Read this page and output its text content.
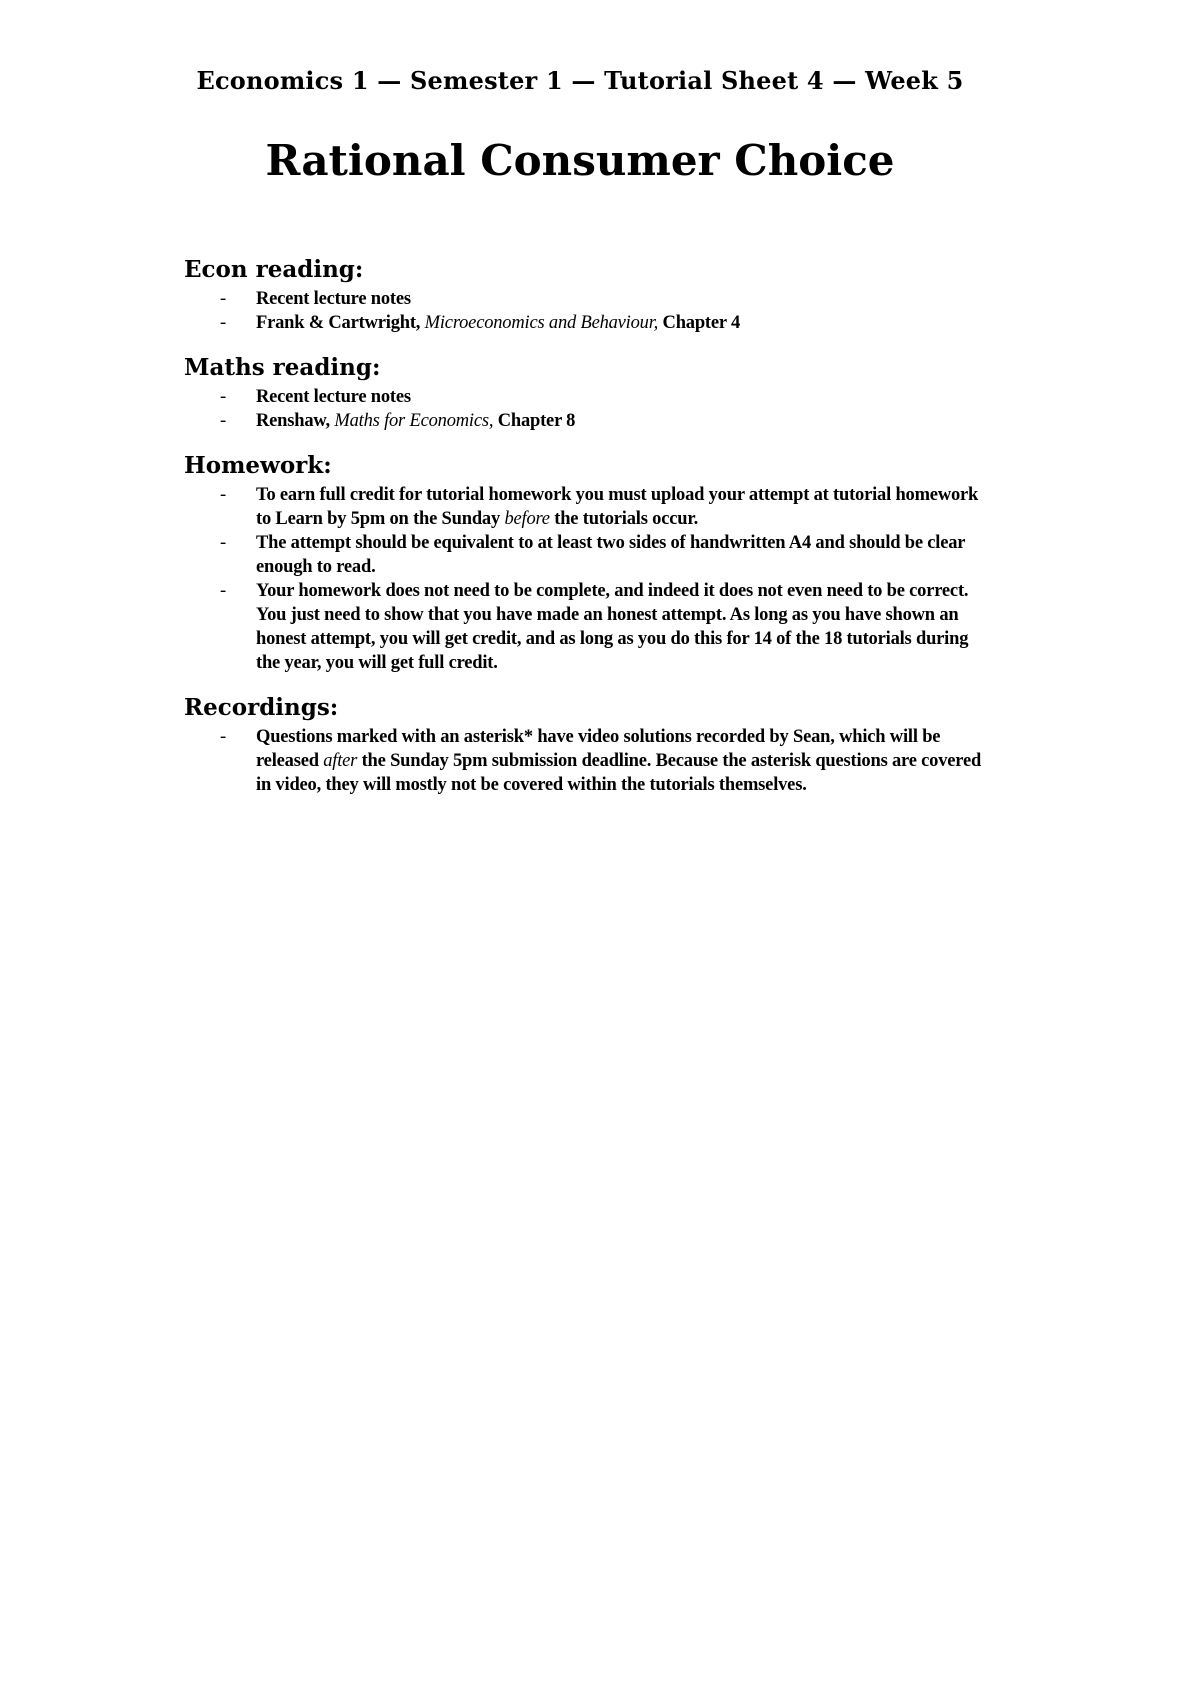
Economics 1 — Semester 1 — Tutorial Sheet 4 — Week 5
Rational Consumer Choice
Econ reading:
- Recent lecture notes
- Frank & Cartwright, Microeconomics and Behaviour, Chapter 4
Maths reading:
- Recent lecture notes
- Renshaw, Maths for Economics, Chapter 8
Homework:
- To earn full credit for tutorial homework you must upload your attempt at tutorial homework to Learn by 5pm on the Sunday before the tutorials occur.
- The attempt should be equivalent to at least two sides of handwritten A4 and should be clear enough to read.
- Your homework does not need to be complete, and indeed it does not even need to be correct. You just need to show that you have made an honest attempt. As long as you have shown an honest attempt, you will get credit, and as long as you do this for 14 of the 18 tutorials during the year, you will get full credit.
Recordings:
- Questions marked with an asterisk* have video solutions recorded by Sean, which will be released after the Sunday 5pm submission deadline. Because the asterisk questions are covered in video, they will mostly not be covered within the tutorials themselves.
